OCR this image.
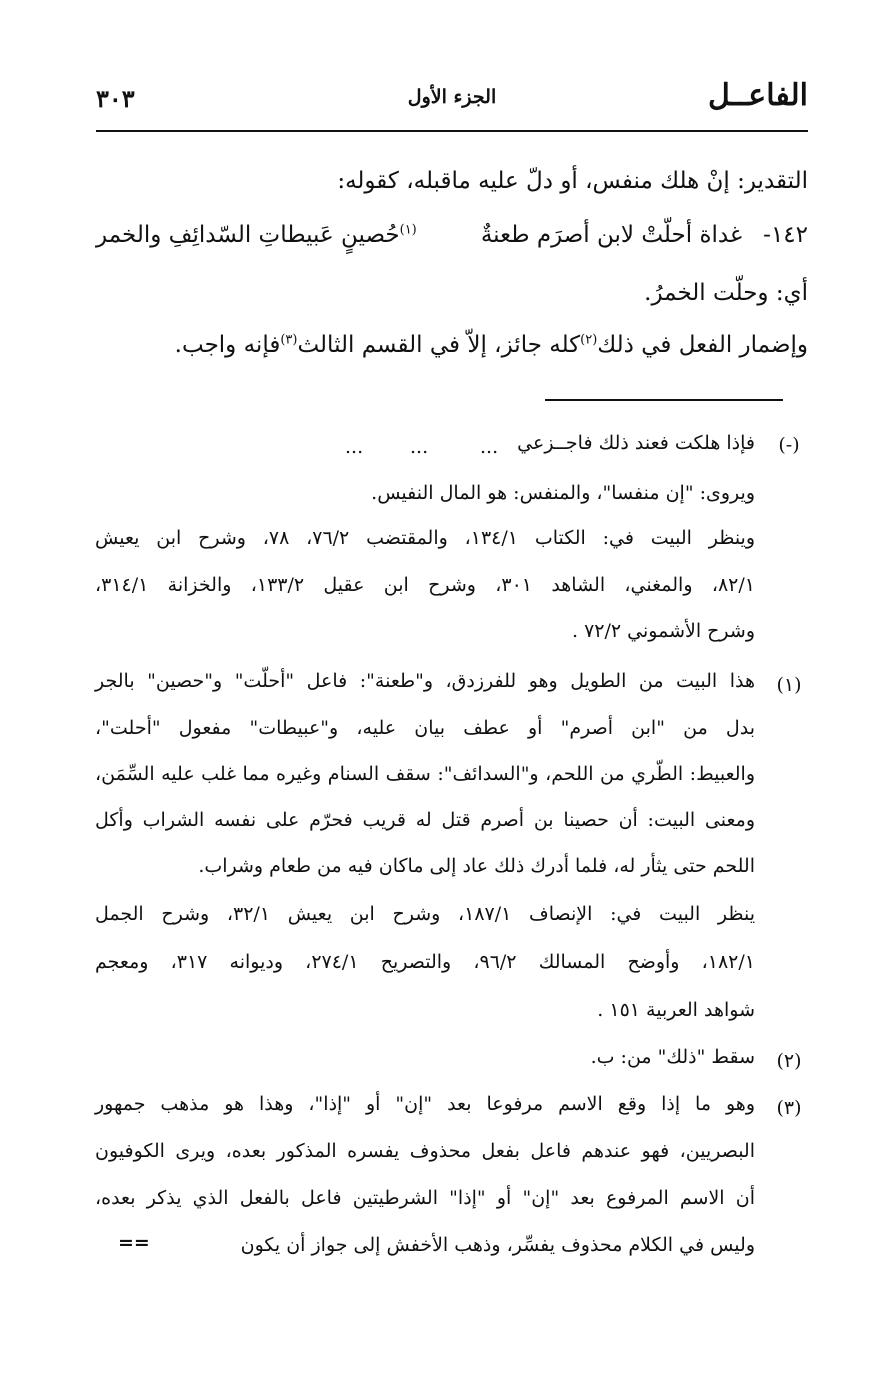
الفاعــل
الجزء الأول
٣٠٣
التقدير: إنْ هلك منفس، أو دلّ عليه ماقبله، كقوله:
١٤٢-
غداة أحلّتْ لابن أصرَم طعنةٌ
$^{(١)}$حُصينٍ عَبيطاتِ السّدائِفِ والخمر
أي: وحلّت الخمرُ.
وإضمار الفعل في ذلك$^{(٢)}$كله جائز، إلاّ في القسم الثالث$^{(٣)}$فإنه واجب.
(-)
فإذا هلكت فعند ذلك فاجــزعي
...
...
...
ويروى: "إن منفسا"، والمنفس: هو المال النفيس.
وينظر البيت في: الكتاب ١٣٤/١، والمقتضب ٧٦/٢، ٧٨، وشرح ابن يعيش
٨٢/١، والمغني، الشاهد ٣٠١، وشرح ابن عقيل ١٣٣/٢، والخزانة ٣١٤/١،
وشرح الأشموني ٧٢/٢ .
(١)
هذا البيت من الطويل وهو للفرزدق، و"طعنة": فاعل "أحلّت" و"حصين" بالجر
بدل من "ابن أصرم" أو عطف بيان عليه، و"عبيطات" مفعول "أحلت"،
والعبيط: الطّري من اللحم، و"السدائف": سقف السنام وغيره مما غلب عليه السِّمَن،
ومعنى البيت: أن حصينا بن أصرم قتل له قريب فحرّم على نفسه الشراب وأكل
اللحم حتى يثأر له، فلما أدرك ذلك عاد إلى ماكان فيه من طعام وشراب.
ينظر البيت في: الإنصاف ١٨٧/١، وشرح ابن يعيش ٣٢/١، وشرح الجمل
١٨٢/١، وأوضح المسالك ٩٦/٢، والتصريح ٢٧٤/١، وديوانه ٣١٧، ومعجم
شواهد العربية ١٥١ .
(٢)
سقط "ذلك" من: ب.
(٣)
وهو ما إذا وقع الاسم مرفوعا بعد "إن" أو "إذا"، وهذا هو مذهب جمهور
البصريين، فهو عندهم فاعل بفعل محذوف يفسره المذكور بعده، ويرى الكوفيون
أن الاسم المرفوع بعد "إن" أو "إذا" الشرطيتين فاعل بالفعل الذي يذكر بعده،
وليس في الكلام محذوف يفسِّر، وذهب الأخفش إلى جواز أن يكون
==
